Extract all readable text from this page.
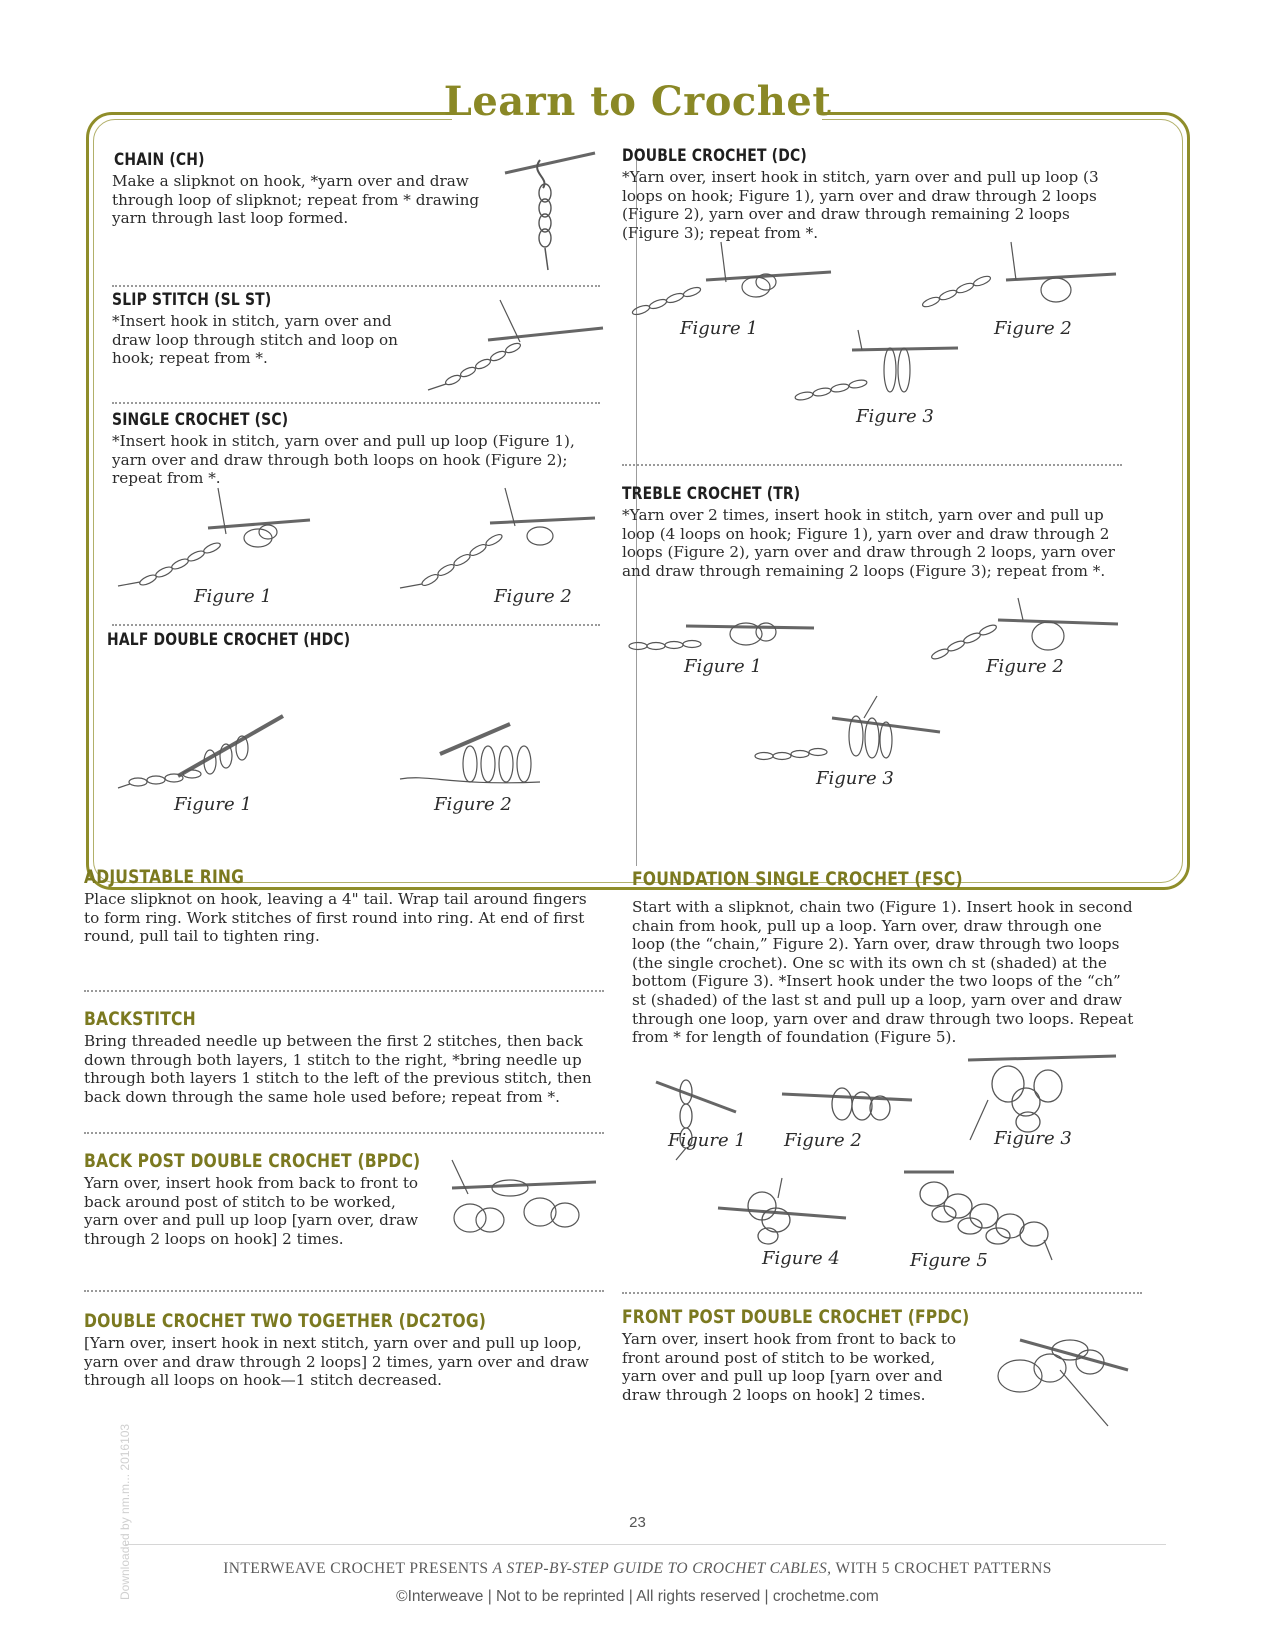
Learn to Crochet
CHAIN (CH)
Make a slipknot on hook, *yarn over and draw through loop of slipknot; repeat from * drawing yarn through last loop formed.
SLIP STITCH (SL ST)
*Insert hook in stitch, yarn over and draw loop through stitch and loop on hook; repeat from *.
SINGLE CROCHET (SC)
*Insert hook in stitch, yarn over and pull up loop (Figure 1), yarn over and draw through both loops on hook (Figure 2); repeat from *.
Figure 1	Figure 2
HALF DOUBLE CROCHET (HDC)
Figure 1	Figure 2
DOUBLE CROCHET (DC)
*Yarn over, insert hook in stitch, yarn over and pull up loop (3 loops on hook; Figure 1), yarn over and draw through 2 loops (Figure 2), yarn over and draw through remaining 2 loops (Figure 3); repeat from *.
Figure 1	Figure 2
Figure 3
TREBLE CROCHET (TR)
*Yarn over 2 times, insert hook in stitch, yarn over and pull up loop (4 loops on hook; Figure 1), yarn over and draw through 2 loops (Figure 2), yarn over and draw through 2 loops, yarn over and draw through remaining 2 loops (Figure 3); repeat from *.
Figure 1	Figure 2
Figure 3
ADJUSTABLE RING
Place slipknot on hook, leaving a 4" tail. Wrap tail around fingers to form ring. Work stitches of first round into ring. At end of first round, pull tail to tighten ring.
BACKSTITCH
Bring threaded needle up between the first 2 stitches, then back down through both layers, 1 stitch to the right, *bring needle up through both layers 1 stitch to the left of the previous stitch, then back down through the same hole used before; repeat from *.
BACK POST DOUBLE CROCHET (BPDC)
Yarn over, insert hook from back to front to back around post of stitch to be worked, yarn over and pull up loop [yarn over, draw through 2 loops on hook] 2 times.
DOUBLE CROCHET TWO TOGETHER (DC2TOG)
[Yarn over, insert hook in next stitch, yarn over and pull up loop, yarn over and draw through 2 loops] 2 times, yarn over and draw through all loops on hook—1 stitch decreased.
FOUNDATION SINGLE CROCHET (FSC)
Start with a slipknot, chain two (Figure 1). Insert hook in second chain from hook, pull up a loop. Yarn over, draw through one loop (the “chain,” Figure 2). Yarn over, draw through two loops (the single crochet). One sc with its own ch st (shaded) at the bottom (Figure 3). *Insert hook under the two loops of the “ch” st (shaded) of the last st and pull up a loop, yarn over and draw through one loop, yarn over and draw through two loops. Repeat from * for length of foundation (Figure 5).
Figure 1 Figure 2	Figure 3
Figure 4	Figure 5
FRONT POST DOUBLE CROCHET (FPDC)
Yarn over, insert hook from front to back to front around post of stitch to be worked, yarn over and pull up loop [yarn over and draw through 2 loops on hook] 2 times.
23
INTERWEAVE CROCHET PRESENTS A STEP-BY-STEP GUIDE TO CROCHET CABLES, WITH 5 CROCHET PATTERNS
©Interweave | Not to be reprinted | All rights reserved | crochetme.com
Downloaded by nm.m... 2016103
